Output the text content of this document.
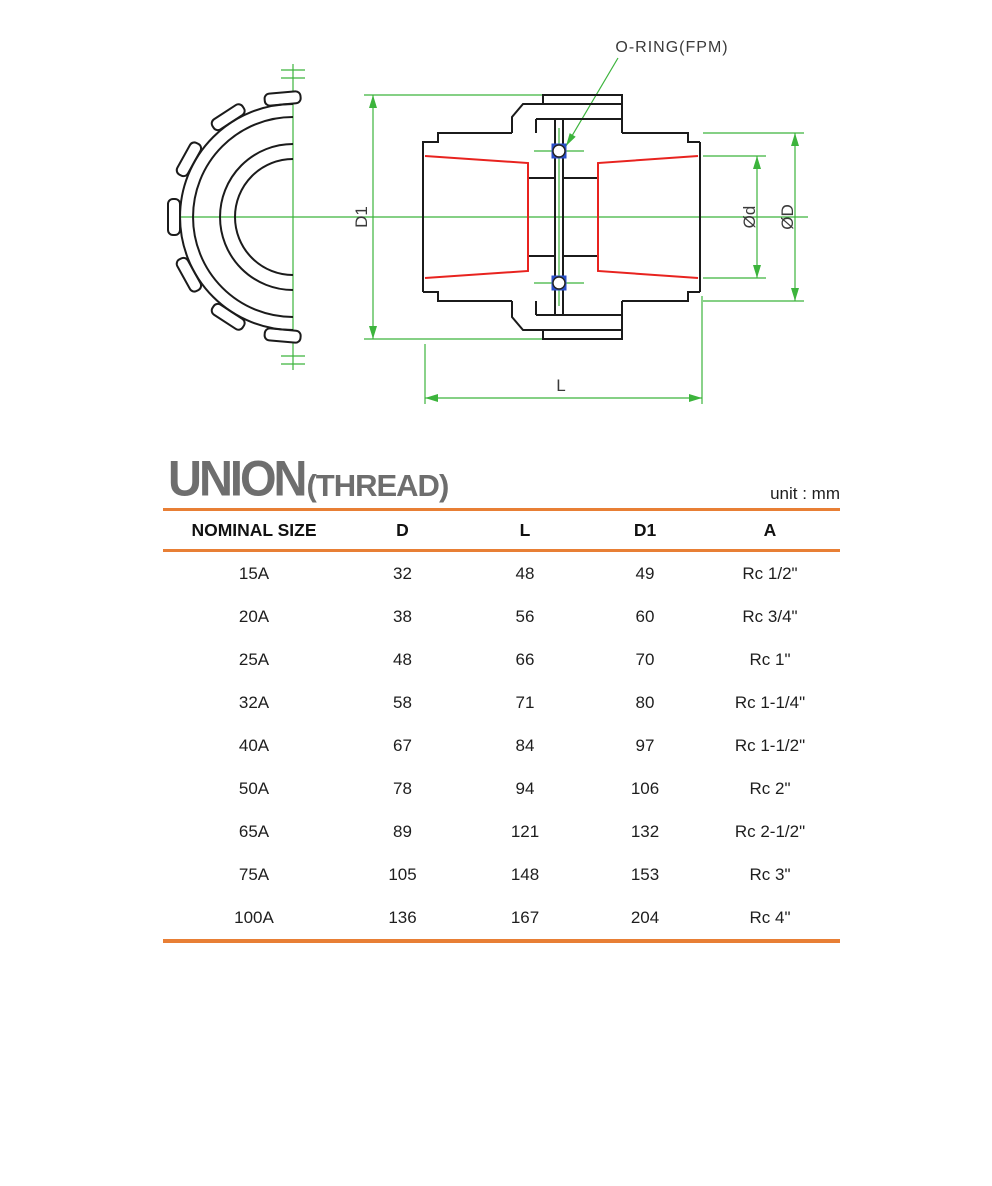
O-RING(FPM)
D1	Ød ØD
L
UNION (THREAD)	unit : mm
NOMINAL SIZE	D	L	D1	A
15A	32	48	49	Rc 1/2"
20A	38	56	60	Rc 3/4"
25A	48	66	70	Rc 1"
32A	58	71	80	Rc 1-1/4"
40A	67	84	97	Rc 1-1/2"
50A	78	94	106	Rc 2"
65A	89	121	132	Rc 2-1/2"
75A	105	148	153	Rc 3"
100A	136	167	204	Rc 4"
